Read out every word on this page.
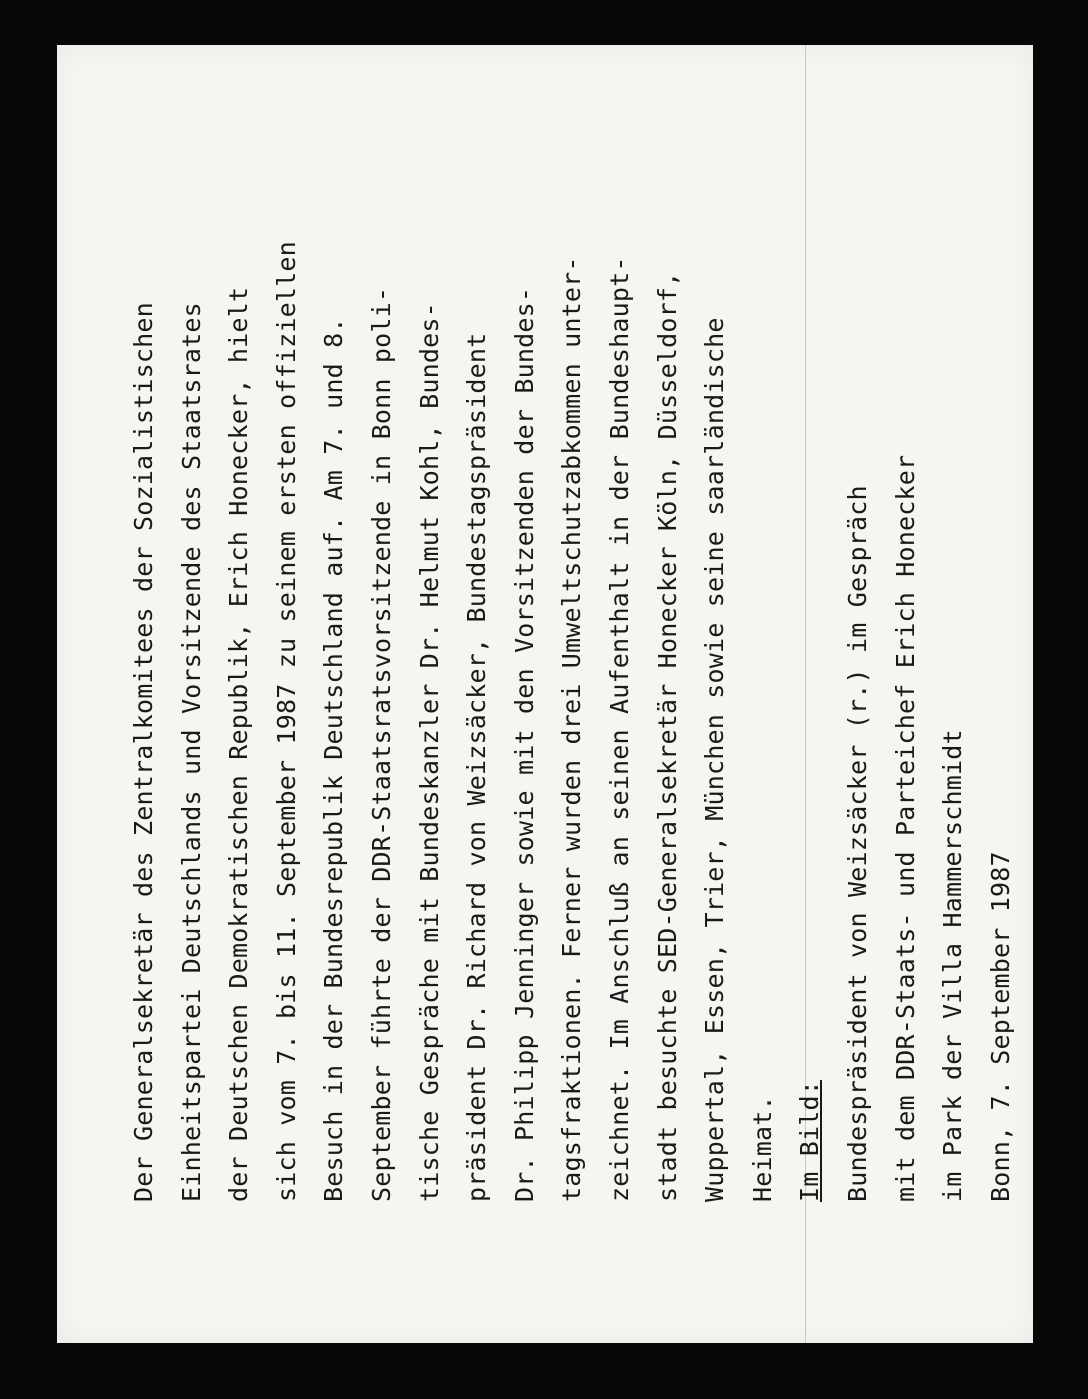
Der Generalsekretär des Zentralkomitees der Sozialistischen Einheitspartei Deutschlands und Vorsitzende des Staatsrates der Deutschen Demokratischen Republik, Erich Honecker, hielt sich vom 7. bis 11. September 1987 zu seinem ersten offiziellen Besuch in der Bundesrepublik Deutschland auf. Am 7. und 8. September führte der DDR-Staatsratsvorsitzende in Bonn poli- tische Gespräche mit Bundeskanzler Dr. Helmut Kohl, Bundes- präsident Dr. Richard von Weizsäcker, Bundestagspräsident Dr. Philipp Jenninger sowie mit den Vorsitzenden der Bundes- tagsfraktionen. Ferner wurden drei Umweltschutzabkommen unter- zeichnet. Im Anschluß an seinen Aufenthalt in der Bundeshaupt- stadt besuchte SED-Generalsekretär Honecker Köln, Düsseldorf, Wuppertal, Essen, Trier, München sowie seine saarländische Heimat. Im Bild: Bundespräsident von Weizsäcker (r.) im Gespräch mit dem DDR-Staats- und Parteichef Erich Honecker im Park der Villa Hammerschmidt Bonn, 7. September 1987
